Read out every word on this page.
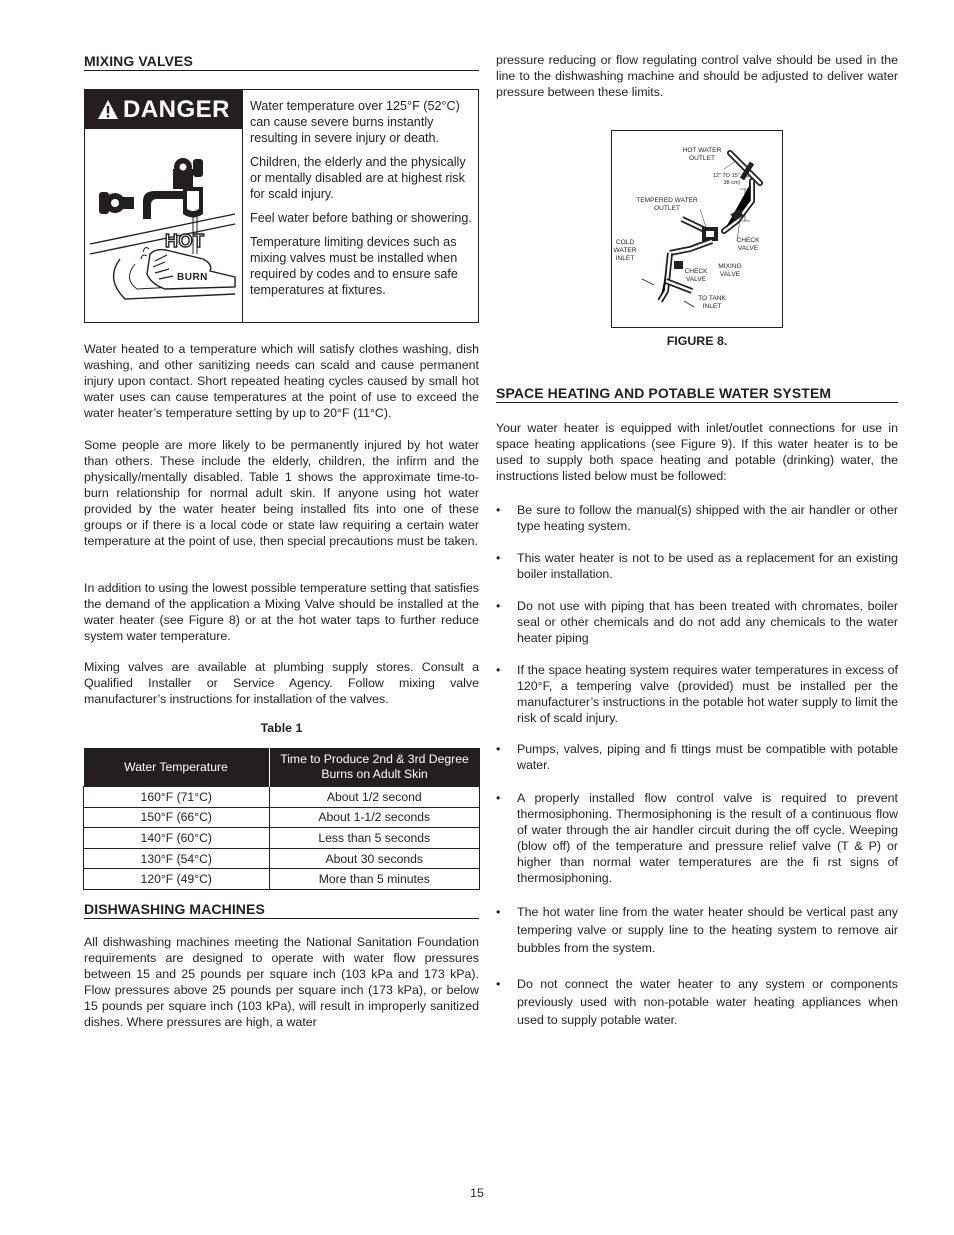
MIXING VALVES
DANGER
HOT
BURN

Water temperature over 125°F (52°C) can cause severe burns instantly resulting in severe injury or death.

Children, the elderly and the physically or mentally disabled are at highest risk for scald injury.

Feel water before bathing or showering.

Temperature limiting devices such as mixing valves must be installed when required by codes and to ensure safe temperatures at fixtures.

Water heated to a temperature which will satisfy clothes washing, dish washing, and other sanitizing needs can scald and cause permanent injury upon contact. Short repeated heating cycles caused by small hot water uses can cause temperatures at the point of use to exceed the water heater’s temperature setting by up to 20°F (11°C).
Some people are more likely to be permanently injured by hot water than others. These include the elderly, children, the infirm and the physically/mentally disabled. Table 1 shows the approximate time-to-burn relationship for normal adult skin. If anyone using hot water provided by the water heater being installed fits into one of these groups or if there is a local code or state law requiring a certain water temperature at the point of use, then special precautions must be taken.
In addition to using the lowest possible temperature setting that satisfies the demand of the application a Mixing Valve should be installed at the water heater (see Figure 8) or at the hot water taps to further reduce system water temperature.
Mixing valves are available at plumbing supply stores. Consult a Qualified Installer or Service Agency. Follow mixing valve manufacturer’s instructions for installation of the valves.
Table 1
Water Temperature	Time to Produce 2nd & 3rd Degree Burns on Adult Skin
160°F (71°C)	About 1/2 second
150°F (66°C)	About 1-1/2 seconds
140°F (60°C)	Less than 5 seconds
130°F (54°C)	About 30 seconds
120°F (49°C)	More than 5 minutes
DISHWASHING MACHINES
All dishwashing machines meeting the National Sanitation Foundation requirements are designed to operate with water flow pressures between 15 and 25 pounds per square inch (103 kPa and 173 kPa). Flow pressures above 25 pounds per square inch (173 kPa), or below 15 pounds per square inch (103 kPa), will result in improperly sanitized dishes. Where pressures are high, a water
pressure reducing or flow regulating control valve should be used in the line to the dishwashing machine and should be adjusted to deliver water pressure between these limits.
HOT WATER OUTLET
12" TO 15" (30-38 cm)
TEMPERED WATER OUTLET
COLD WATER INLET
CHECK VALVE
MIXING VALVE
CHECK VALVE
TO TANK INLET
FIGURE 8.
SPACE HEATING AND POTABLE WATER SYSTEM
Your water heater is equipped with inlet/outlet connections for use in space heating applications (see Figure 9). If this water heater is to be used to supply both space heating and potable (drinking) water, the instructions listed below must be followed:
• Be sure to follow the manual(s) shipped with the air handler or other type heating system.
• This water heater is not to be used as a replacement for an existing boiler installation.
• Do not use with piping that has been treated with chromates, boiler seal or other chemicals and do not add any chemicals to the water heater piping
• If the space heating system requires water temperatures in excess of 120°F, a tempering valve (provided) must be installed per the manufacturer’s instructions in the potable hot water supply to limit the risk of scald injury.
• Pumps, valves, piping and fi ttings must be compatible with potable water.
• A properly installed flow control valve is required to prevent thermosiphoning. Thermosiphoning is the result of a continuous flow of water through the air handler circuit during the off cycle. Weeping (blow off) of the temperature and pressure relief valve (T & P) or higher than normal water temperatures are the fi rst signs of thermosiphoning.
• The hot water line from the water heater should be vertical past any tempering valve or supply line to the heating system to remove air bubbles from the system.
• Do not connect the water heater to any system or components previously used with non-potable water heating appliances when used to supply potable water.
15
